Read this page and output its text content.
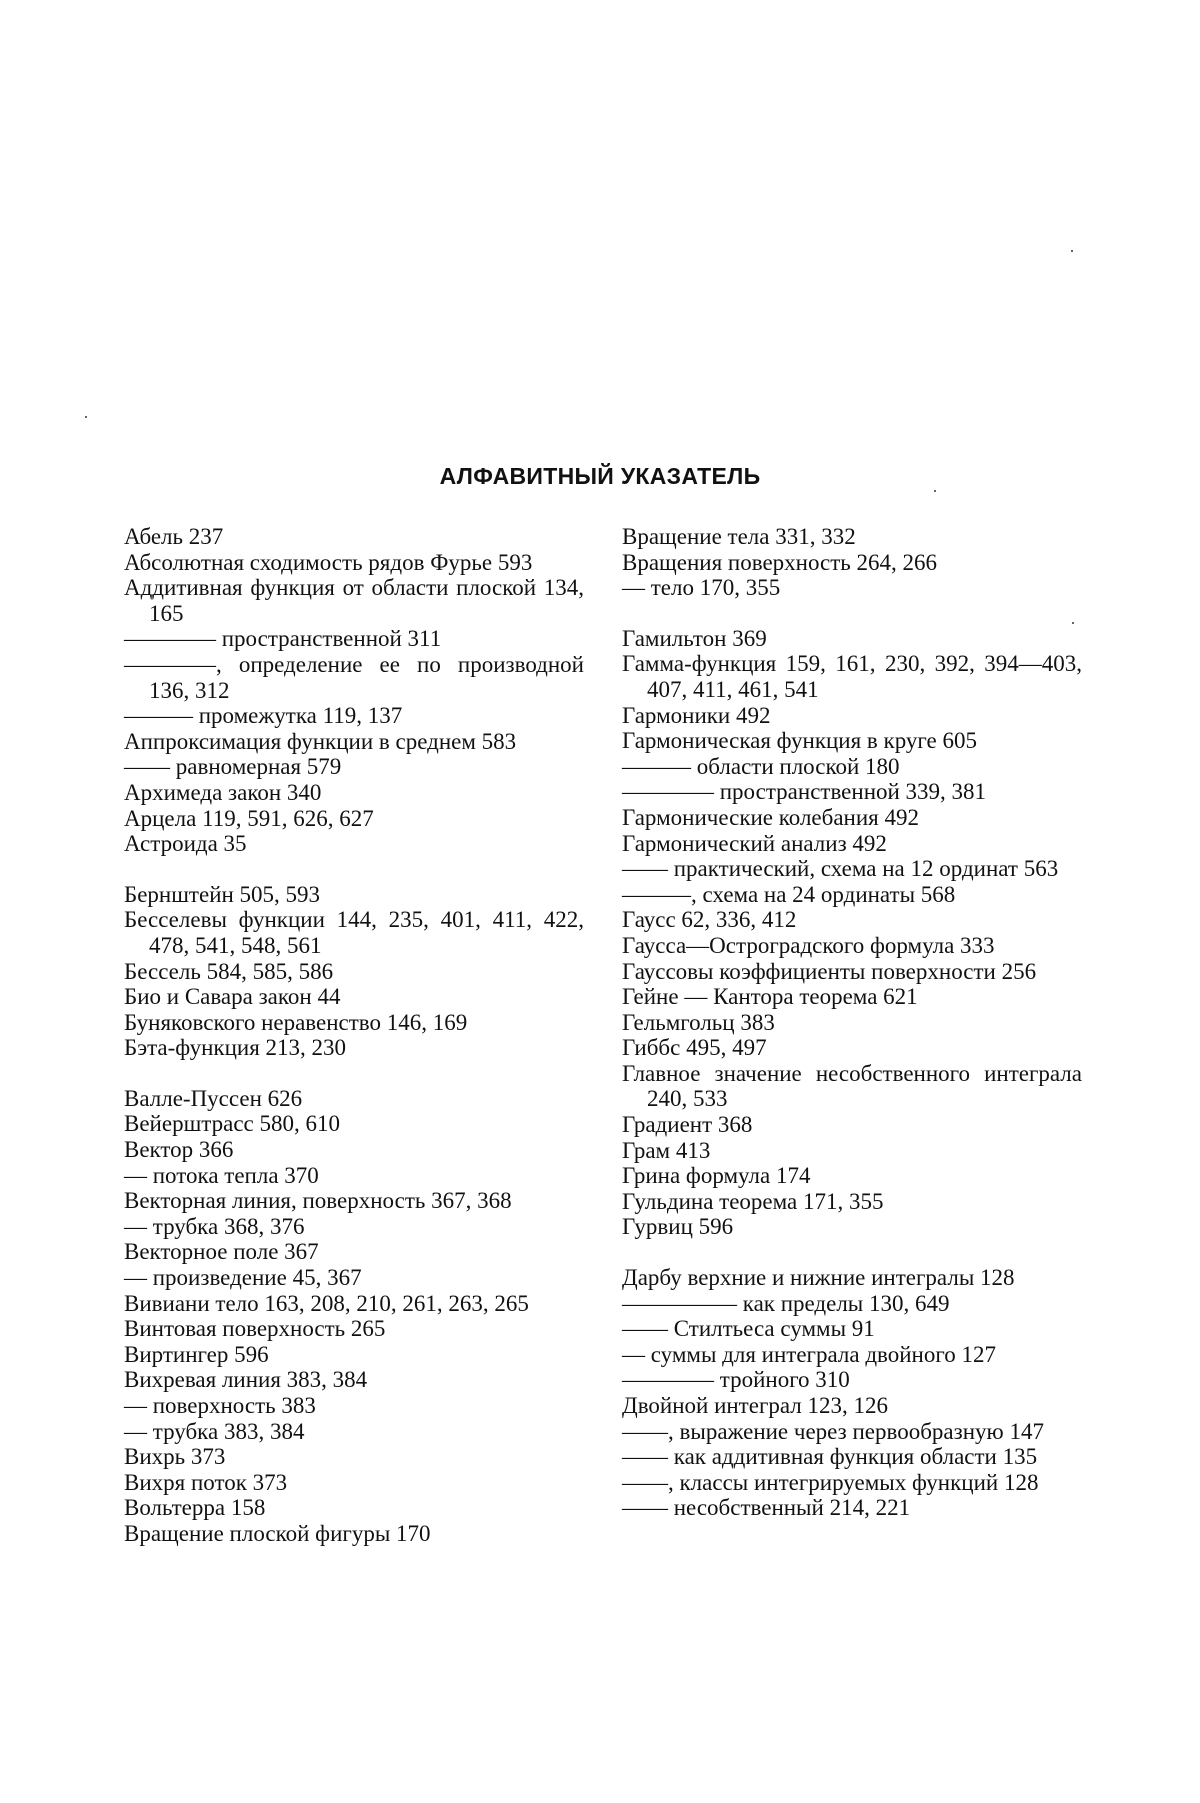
АЛФАВИТНЫЙ УКАЗАТЕЛЬ
Абель 237
Абсолютная сходимость рядов Фурье 593
Аддитивная функция от области плоской 134, 165
———— пространственной 311
————, определение ее по производной 136, 312
——— промежутка 119, 137
Аппроксимация функции в среднем 583
—— равномерная 579
Архимеда закон 340
Арцела 119, 591, 626, 627
Астроида 35
Бернштейн 505, 593
Бесселевы функции 144, 235, 401, 411, 422, 478, 541, 548, 561
Бессель 584, 585, 586
Био и Савара закон 44
Буняковского неравенство 146, 169
Бэта-функция 213, 230
Валле-Пуссен 626
Вейерштрасс 580, 610
Вектор 366
— потока тепла 370
Векторная линия, поверхность 367, 368
— трубка 368, 376
Векторное поле 367
— произведение 45, 367
Вивиани тело 163, 208, 210, 261, 263, 265
Винтовая поверхность 265
Виртингер 596
Вихревая линия 383, 384
— поверхность 383
— трубка 383, 384
Вихрь 373
Вихря поток 373
Вольтерра 158
Вращение плоской фигуры 170
Вращение тела 331, 332
Вращения поверхность 264, 266
— тело 170, 355
Гамильтон 369
Гамма-функция 159, 161, 230, 392, 394—403, 407, 411, 461, 541
Гармоники 492
Гармоническая функция в круге 605
——— области плоской 180
———— пространственной 339, 381
Гармонические колебания 492
Гармонический анализ 492
—— практический, схема на 12 ординат 563
———, схема на 24 ординаты 568
Гаусс 62, 336, 412
Гаусса—Остроградского формула 333
Гауссовы коэффициенты поверхности 256
Гейне — Кантора теорема 621
Гельмгольц 383
Гиббс 495, 497
Главное значение несобственного интеграла 240, 533
Градиент 368
Грам 413
Грина формула 174
Гульдина теорема 171, 355
Гурвиц 596
Дарбу верхние и нижние интегралы 128
————— как пределы 130, 649
—— Стилтьеса суммы 91
— суммы для интеграла двойного 127
———— тройного 310
Двойной интеграл 123, 126
——, выражение через первообразную 147
—— как аддитивная функция области 135
——, классы интегрируемых функций 128
—— несобственный 214, 221
